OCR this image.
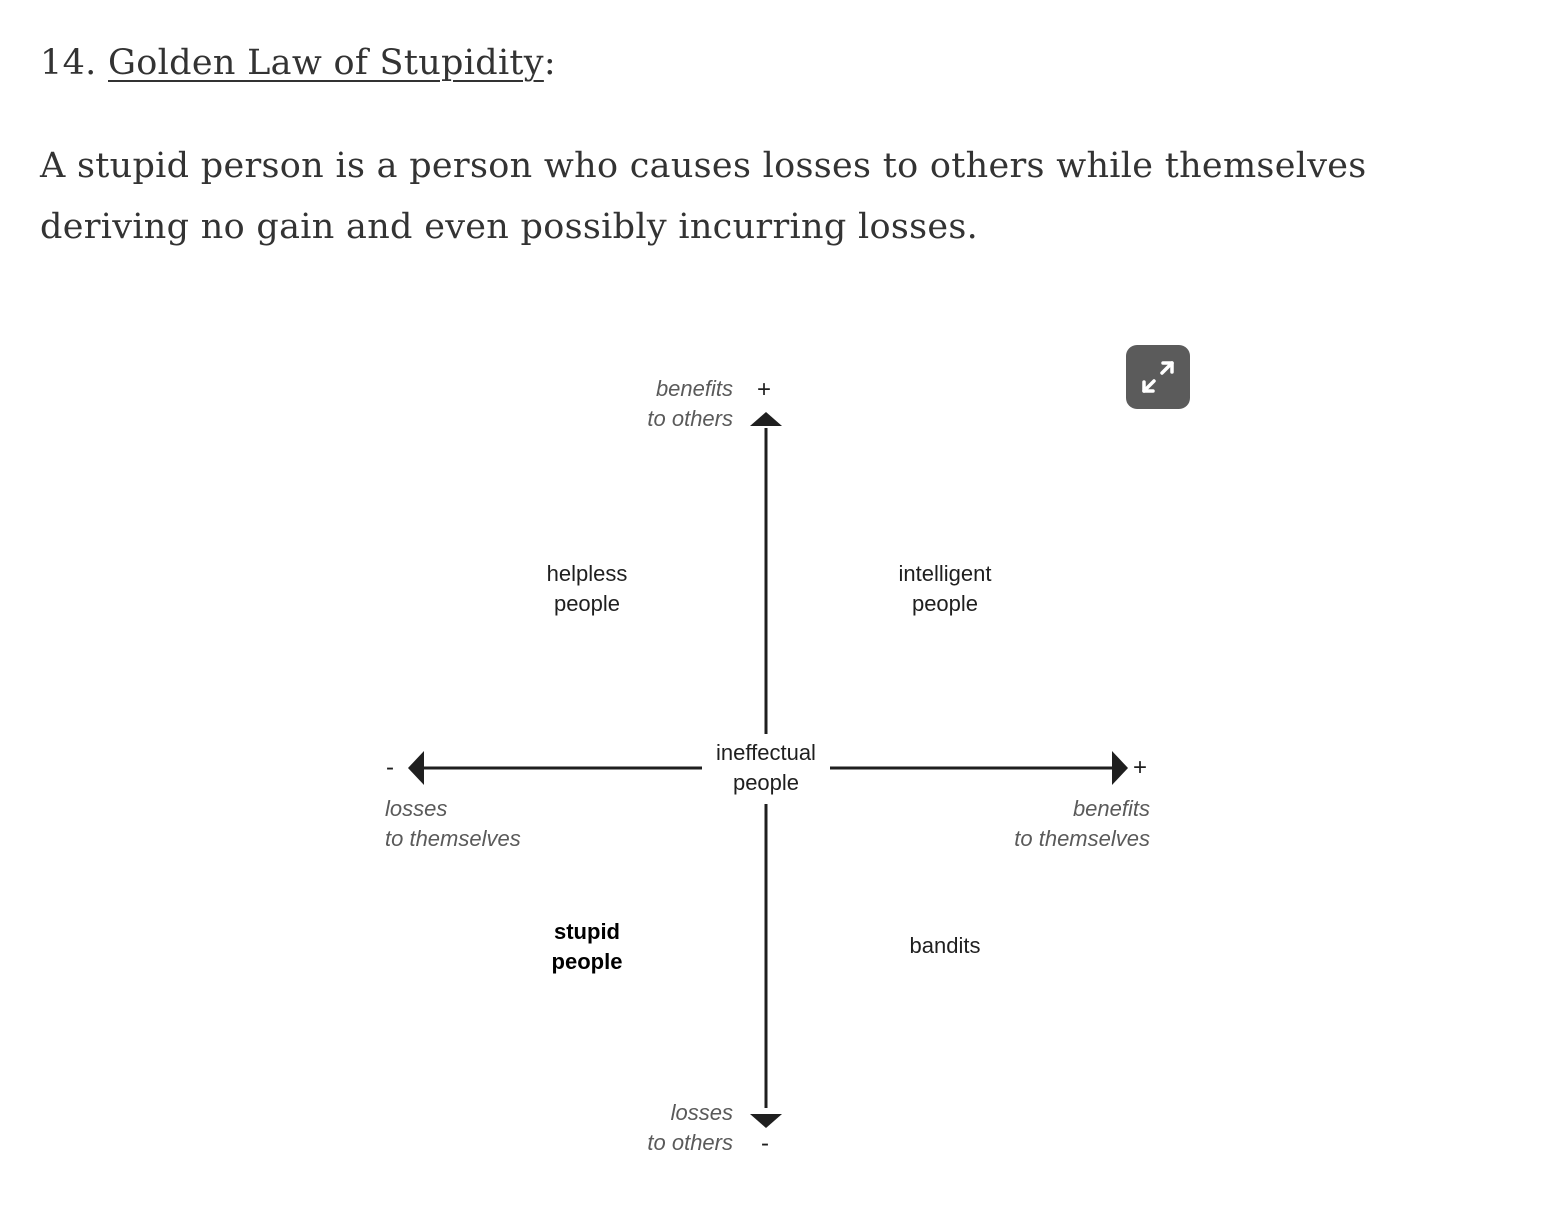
14. Golden Law of Stupidity:
A stupid person is a person who causes losses to others while themselves deriving no gain and even possibly incurring losses.
benefits
to others
+
losses
to others -
-
losses
to themselves
+
benefits
to themselves
helpless
people
intelligent
people
stupid
people
bandits
ineffectual
people
